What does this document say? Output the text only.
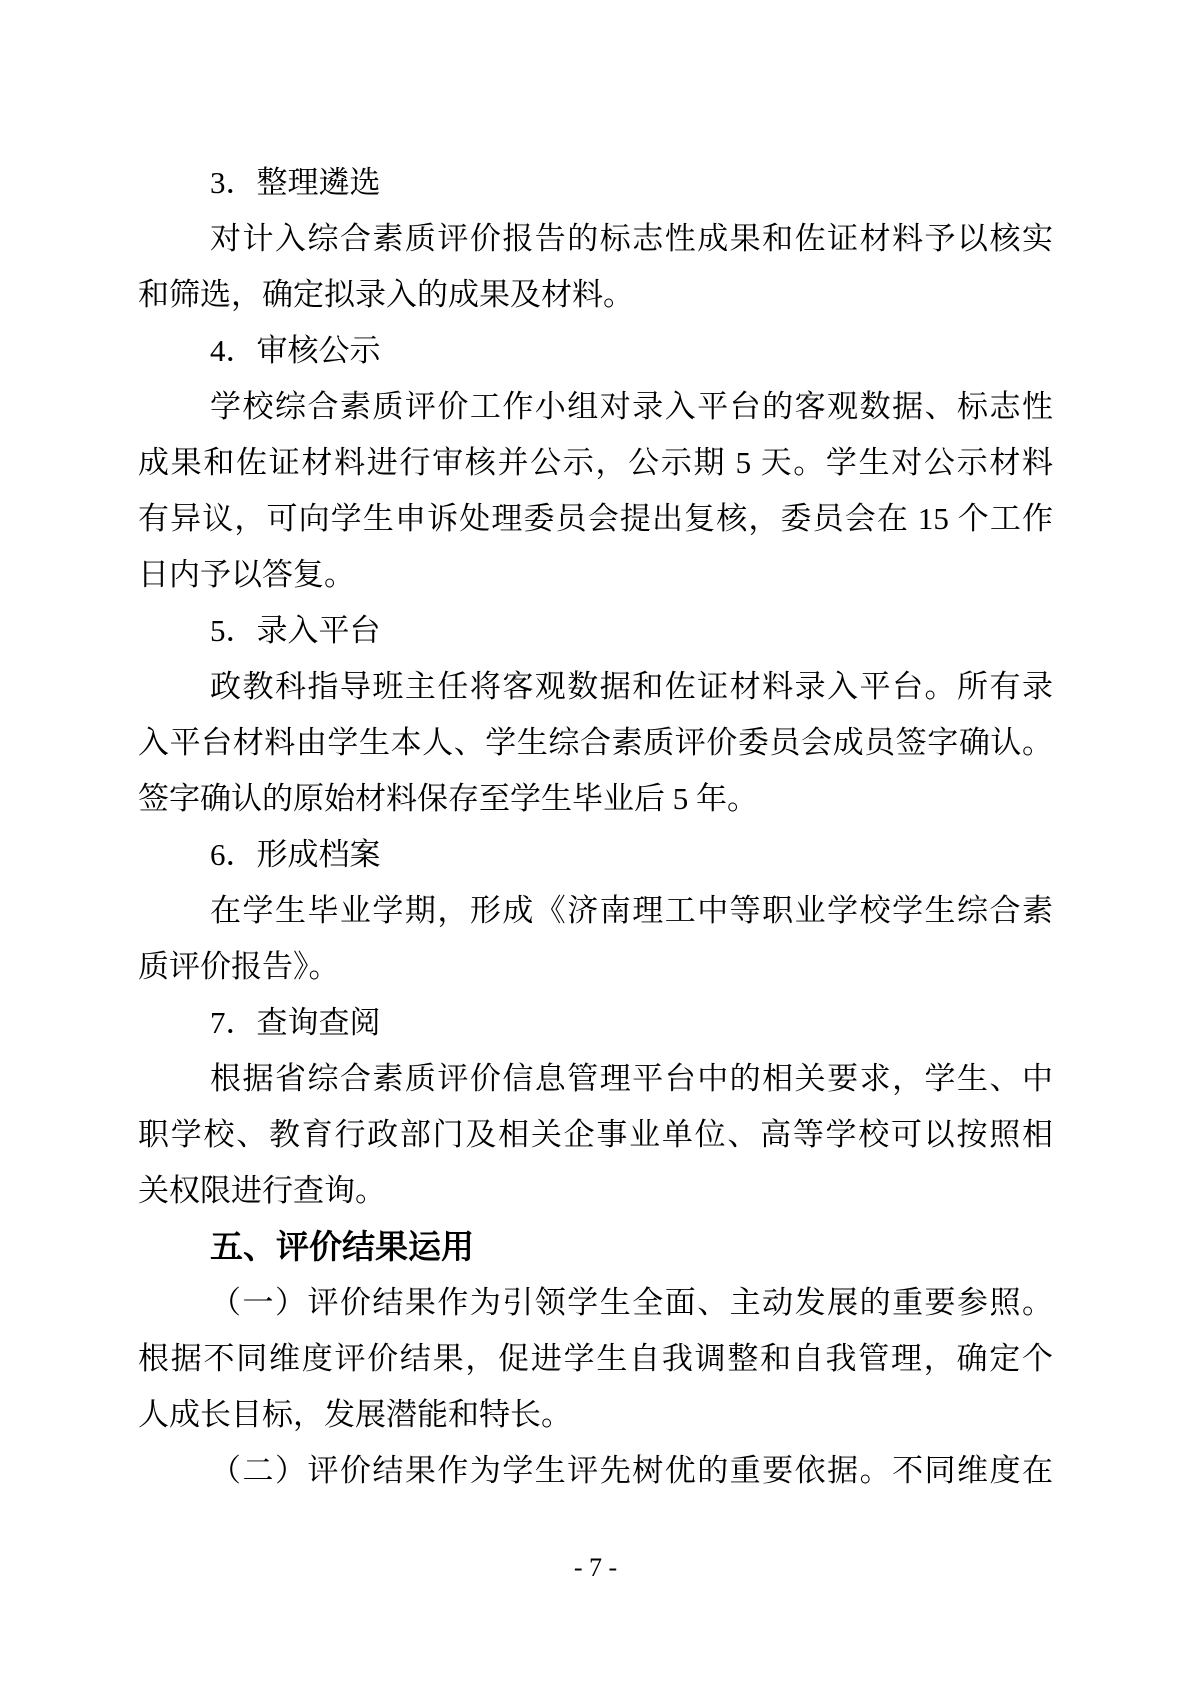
3．整理遴选
对计入综合素质评价报告的标志性成果和佐证材料予以核实
和筛选，确定拟录入的成果及材料。
4．审核公示
学校综合素质评价工作小组对录入平台的客观数据、标志性
成果和佐证材料进行审核并公示，公示期 5 天。学生对公示材料
有异议，可向学生申诉处理委员会提出复核，委员会在 15 个工作
日内予以答复。
5．录入平台
政教科指导班主任将客观数据和佐证材料录入平台。所有录
入平台材料由学生本人、学生综合素质评价委员会成员签字确认。
签字确认的原始材料保存至学生毕业后 5 年。
6．形成档案
在学生毕业学期，形成《济南理工中等职业学校学生综合素
质评价报告》。
7．查询查阅
根据省综合素质评价信息管理平台中的相关要求，学生、中
职学校、教育行政部门及相关企事业单位、高等学校可以按照相
关权限进行查询。
五、评价结果运用
（一）评价结果作为引领学生全面、主动发展的重要参照。
根据不同维度评价结果，促进学生自我调整和自我管理，确定个
人成长目标，发展潜能和特长。
（二）评价结果作为学生评先树优的重要依据。不同维度在
- 7 -
